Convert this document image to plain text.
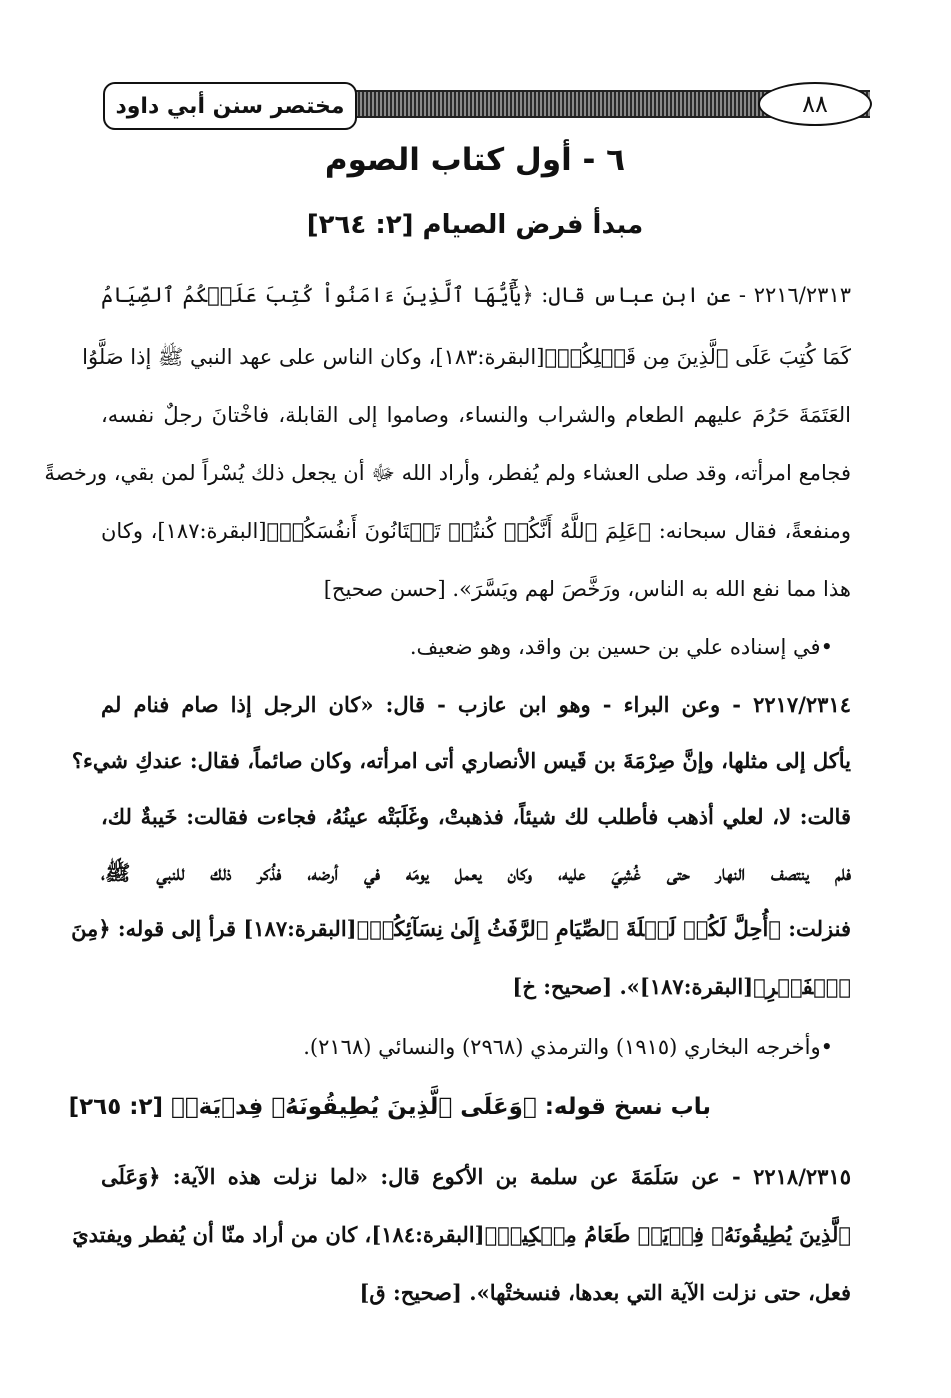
مختصر سنن أبي داود	٨٨
٦ - أول كتاب الصوم
مبدأ فرض الصيام [٢: ٢٦٤]
٢٢١٦/٢٣١٣ - عن ابن عباس قال: ﴿يَٰٓأَيُّهَا ٱلَّذِينَ ءَامَنُواْ كُتِبَ عَلَيۡكُمُ ٱلصِّيَامُ
كَمَا كُتِبَ عَلَى ٱلَّذِينَ مِن قَبۡلِكُمۡ﴾[البقرة:١٨٣]، وكان الناس على عهد النبي ﷺ إذا صَلَّوُا
العَتَمَةَ حَرُمَ عليهم الطعام والشراب والنساء، وصاموا إلى القابلة، فاخْتانَ رجلٌ نفسه،
فجامع امرأته، وقد صلى العشاء ولم يُفطر، وأراد الله ﷻ أن يجعل ذلك يُسْراً لمن بقي، ورخصةً
ومنفعةً، فقال سبحانه: ﴿عَلِمَ ٱللَّهُ أَنَّكُمۡ كُنتُمۡ تَخۡتَانُونَ أَنفُسَكُمۡ﴾[البقرة:١٨٧]، وكان
هذا مما نفع الله به الناس، ورَخَّصَ لهم ويَسَّرَ». [حسن صحيح]
• في إسناده علي بن حسين بن واقد، وهو ضعيف.
٢٢١٧/٢٣١٤ - وعن البراء - وهو ابن عازب - قال: «كان الرجل إذا صام فنام لم
يأكل إلى مثلها، وإنَّ صِرْمَةَ بن قَيس الأنصاري أتى امرأته، وكان صائماً، فقال: عندكِ شيء؟
قالت: لا، لعلي أذهب فأطلب لك شيئاً، فذهبتْ، وغَلَبَتْه عينُهُ، فجاءت فقالت: خَيبةٌ لك،
فلم ينتصف النهار حتى غُشِيَ عليه، وكان يعمل يومَه في أرضه، فذُكر ذلك للنبي ﷺ،
فنزلت: ﴿أُحِلَّ لَكُمۡ لَيۡلَةَ ٱلصِّيَامِ ٱلرَّفَثُ إِلَىٰ نِسَآئِكُمۡ﴾[البقرة:١٨٧] قرأ إلى قوله: ﴿مِنَ
ٱلۡفَجۡرِ﴾[البقرة:١٨٧]». [صحيح: خ]
• وأخرجه البخاري (١٩١٥) والترمذي (٢٩٦٨) والنسائي (٢١٦٨).
باب نسخ قوله: ﴿وَعَلَى ٱلَّذِينَ يُطِيقُونَهُۥ فِدۡيَةٞ﴾ [٢: ٢٦٥]
٢٢١٨/٢٣١٥ - عن سَلَمَةَ عن سلمة بن الأكوع قال: «لما نزلت هذه الآية: ﴿وَعَلَى
ٱلَّذِينَ يُطِيقُونَهُۥ فِدۡيَةٞ طَعَامُ مِسۡكِينٖ﴾[البقرة:١٨٤]، كان من أراد منّا أن يُفطر ويفتديَ
فعل، حتى نزلت الآية التي بعدها، فنسختْها». [صحيح: ق]
